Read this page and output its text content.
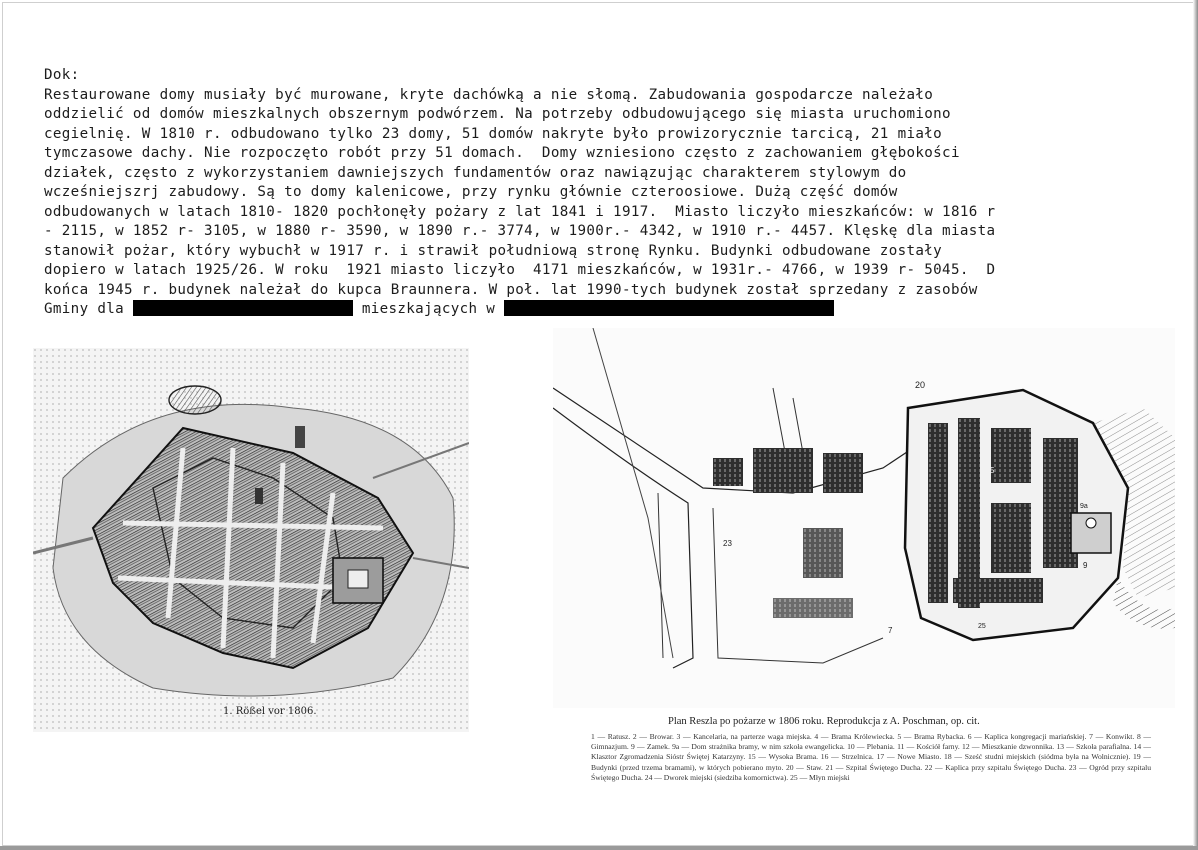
Dok:
Restaurowane domy musiały być murowane, kryte dachówką a nie słomą. Zabudowania gospodarcze należało
oddzielić od domów mieszkalnych obszernym podwórzem. Na potrzeby odbudowującego się miasta uruchomiono
cegielnię. W 1810 r. odbudowano tylko 23 domy, 51 domów nakryte było prowizorycznie tarcicą, 21 miało
tymczasowe dachy. Nie rozpoczęto robót przy 51 domach.  Domy wzniesiono często z zachowaniem głębokości
działek, często z wykorzystaniem dawniejszych fundamentów oraz nawiązując charakterem stylowym do
wcześniejszrj zabudowy. Są to domy kalenicowe, przy rynku głównie czteroosiowe. Dużą część domów
odbudowanych w latach 1810- 1820 pochłonęły pożary z lat 1841 i 1917.  Miasto liczyło mieszkańców: w 1816 r
- 2115, w 1852 r- 3105, w 1880 r- 3590, w 1890 r.- 3774, w 1900r.- 4342, w 1910 r.- 4457. Klęskę dla miasta
stanowił pożar, który wybuchł w 1917 r. i strawił południową stronę Rynku. Budynki odbudowane zostały
dopiero w latach 1925/26. W roku  1921 miasto liczyło  4171 mieszkańców, w 1931r.- 4766, w 1939 r- 5045.  D
końca 1945 r. budynek należał do kupca Braunnera. W poł. lat 1990-tych budynek został sprzedany z zasobów
Gminy dla	mieszkających w
1. Rößel vor 1806.
20
5
9
9a
23
7	25
Plan Reszla po pożarze w 1806 roku. Reprodukcja z A. Poschman, op. cit.
1 — Ratusz. 2 — Browar. 3 — Kancelaria, na parterze waga miejska. 4 — Brama Królewiecka. 5 — Brama Rybacka. 6 — Kaplica kongregacji mariańskiej. 7 — Konwikt. 8 — Gimnazjum. 9 — Zamek. 9a — Dom strażnika bramy, w nim szkoła ewangelicka. 10 — Plebania. 11 — Kościół farny. 12 — Mieszkanie dzwonnika. 13 — Szkoła parafialna. 14 — Klasztor Zgromadzenia Sióstr Świętej Katarzyny. 15 — Wysoka Brama. 16 — Strzelnica. 17 — Nowe Miasto. 18 — Sześć studni miejskich (siódma była na Wolnicznie). 19 — Budynki (przed trzema bramami), w których pobierano myto. 20 — Staw. 21 — Szpital Świętego Ducha. 22 — Kaplica przy szpitalu Świętego Ducha. 23 — Ogród przy szpitalu Świętego Ducha. 24 — Dworek miejski (siedziba komornictwa). 25 — Młyn miejski
